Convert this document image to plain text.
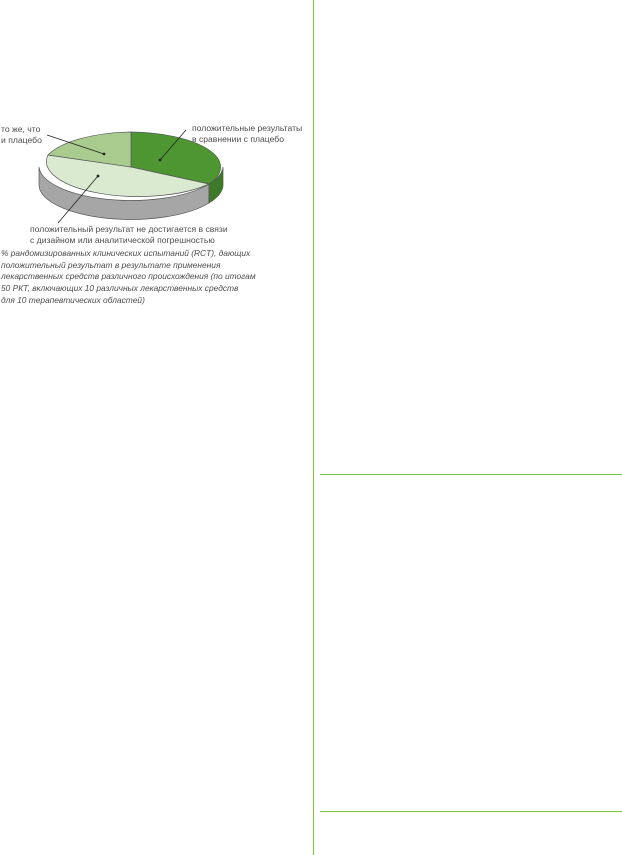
то же, что
и плацебо
положительные результаты
в сравнении с плацебо
положительный результат не достигается в связи
с дизайном или аналитической погрешностью

% рандомизированных клинических испытаний (RCT), дающих
положительный результат в результате применения
лекарственных средств различного происхождения (по итогам
50 РКТ, включающих 10 различных лекарственных средств
для 10 терапевтических областей)
